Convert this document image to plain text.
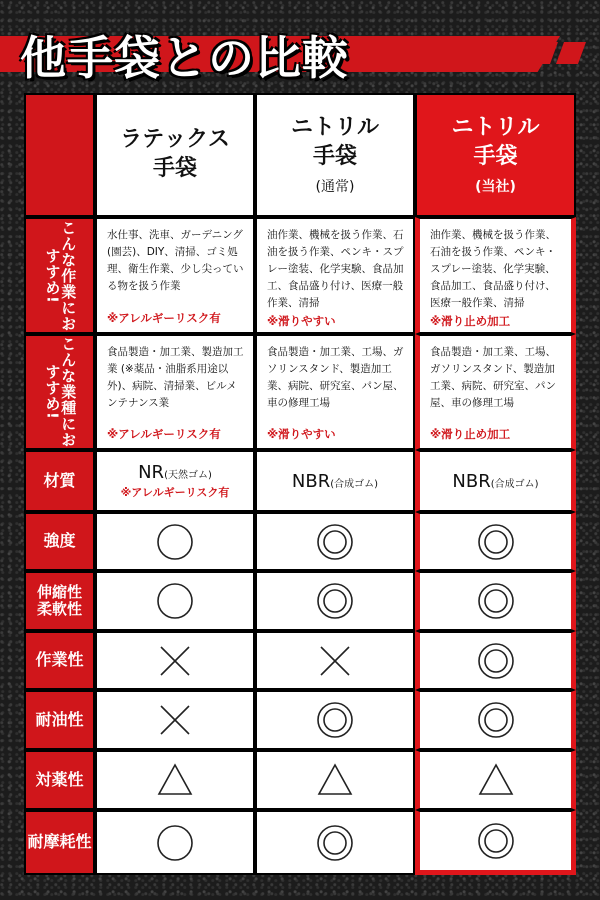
他手袋との比較
ラテックス
手袋
ニトリル
手袋
(通常)
ニトリル
手袋
(当社)
こんな作業におすすめ!
水仕事、洗車、ガーデニング (園芸)、DIY、清掃、ゴミ処理、衛生作業、少し尖っている物を扱う作業
※アレルギーリスク有
油作業、機械を扱う作業、石油を扱う作業、ペンキ・スプレー塗装、化学実験、食品加工、食品盛り付け、医療一般作業、清掃
※滑りやすい
油作業、機械を扱う作業、石油を扱う作業、ペンキ・スプレー塗装、化学実験、食品加工、食品盛り付け、医療一般作業、清掃
※滑り止め加工
こんな業種におすすめ!
食品製造・加工業、製造加工業 (※薬品・油脂系用途以外)、病院、清掃業、ビルメンテナンス業
※アレルギーリスク有
食品製造・加工業、工場、ガソリンスタンド、製造加工業、病院、研究室、パン屋、車の修理工場
※滑りやすい
食品製造・加工業、工場、ガソリンスタンド、製造加工業、病院、研究室、パン屋、車の修理工場
※滑り止め加工
材質	NR(天然ゴム)
※アレルギーリスク有
NBR(合成ゴム)	NBR(合成ゴム)
強度
伸縮性柔軟性
作業性
耐油性
対薬性
耐摩耗性
